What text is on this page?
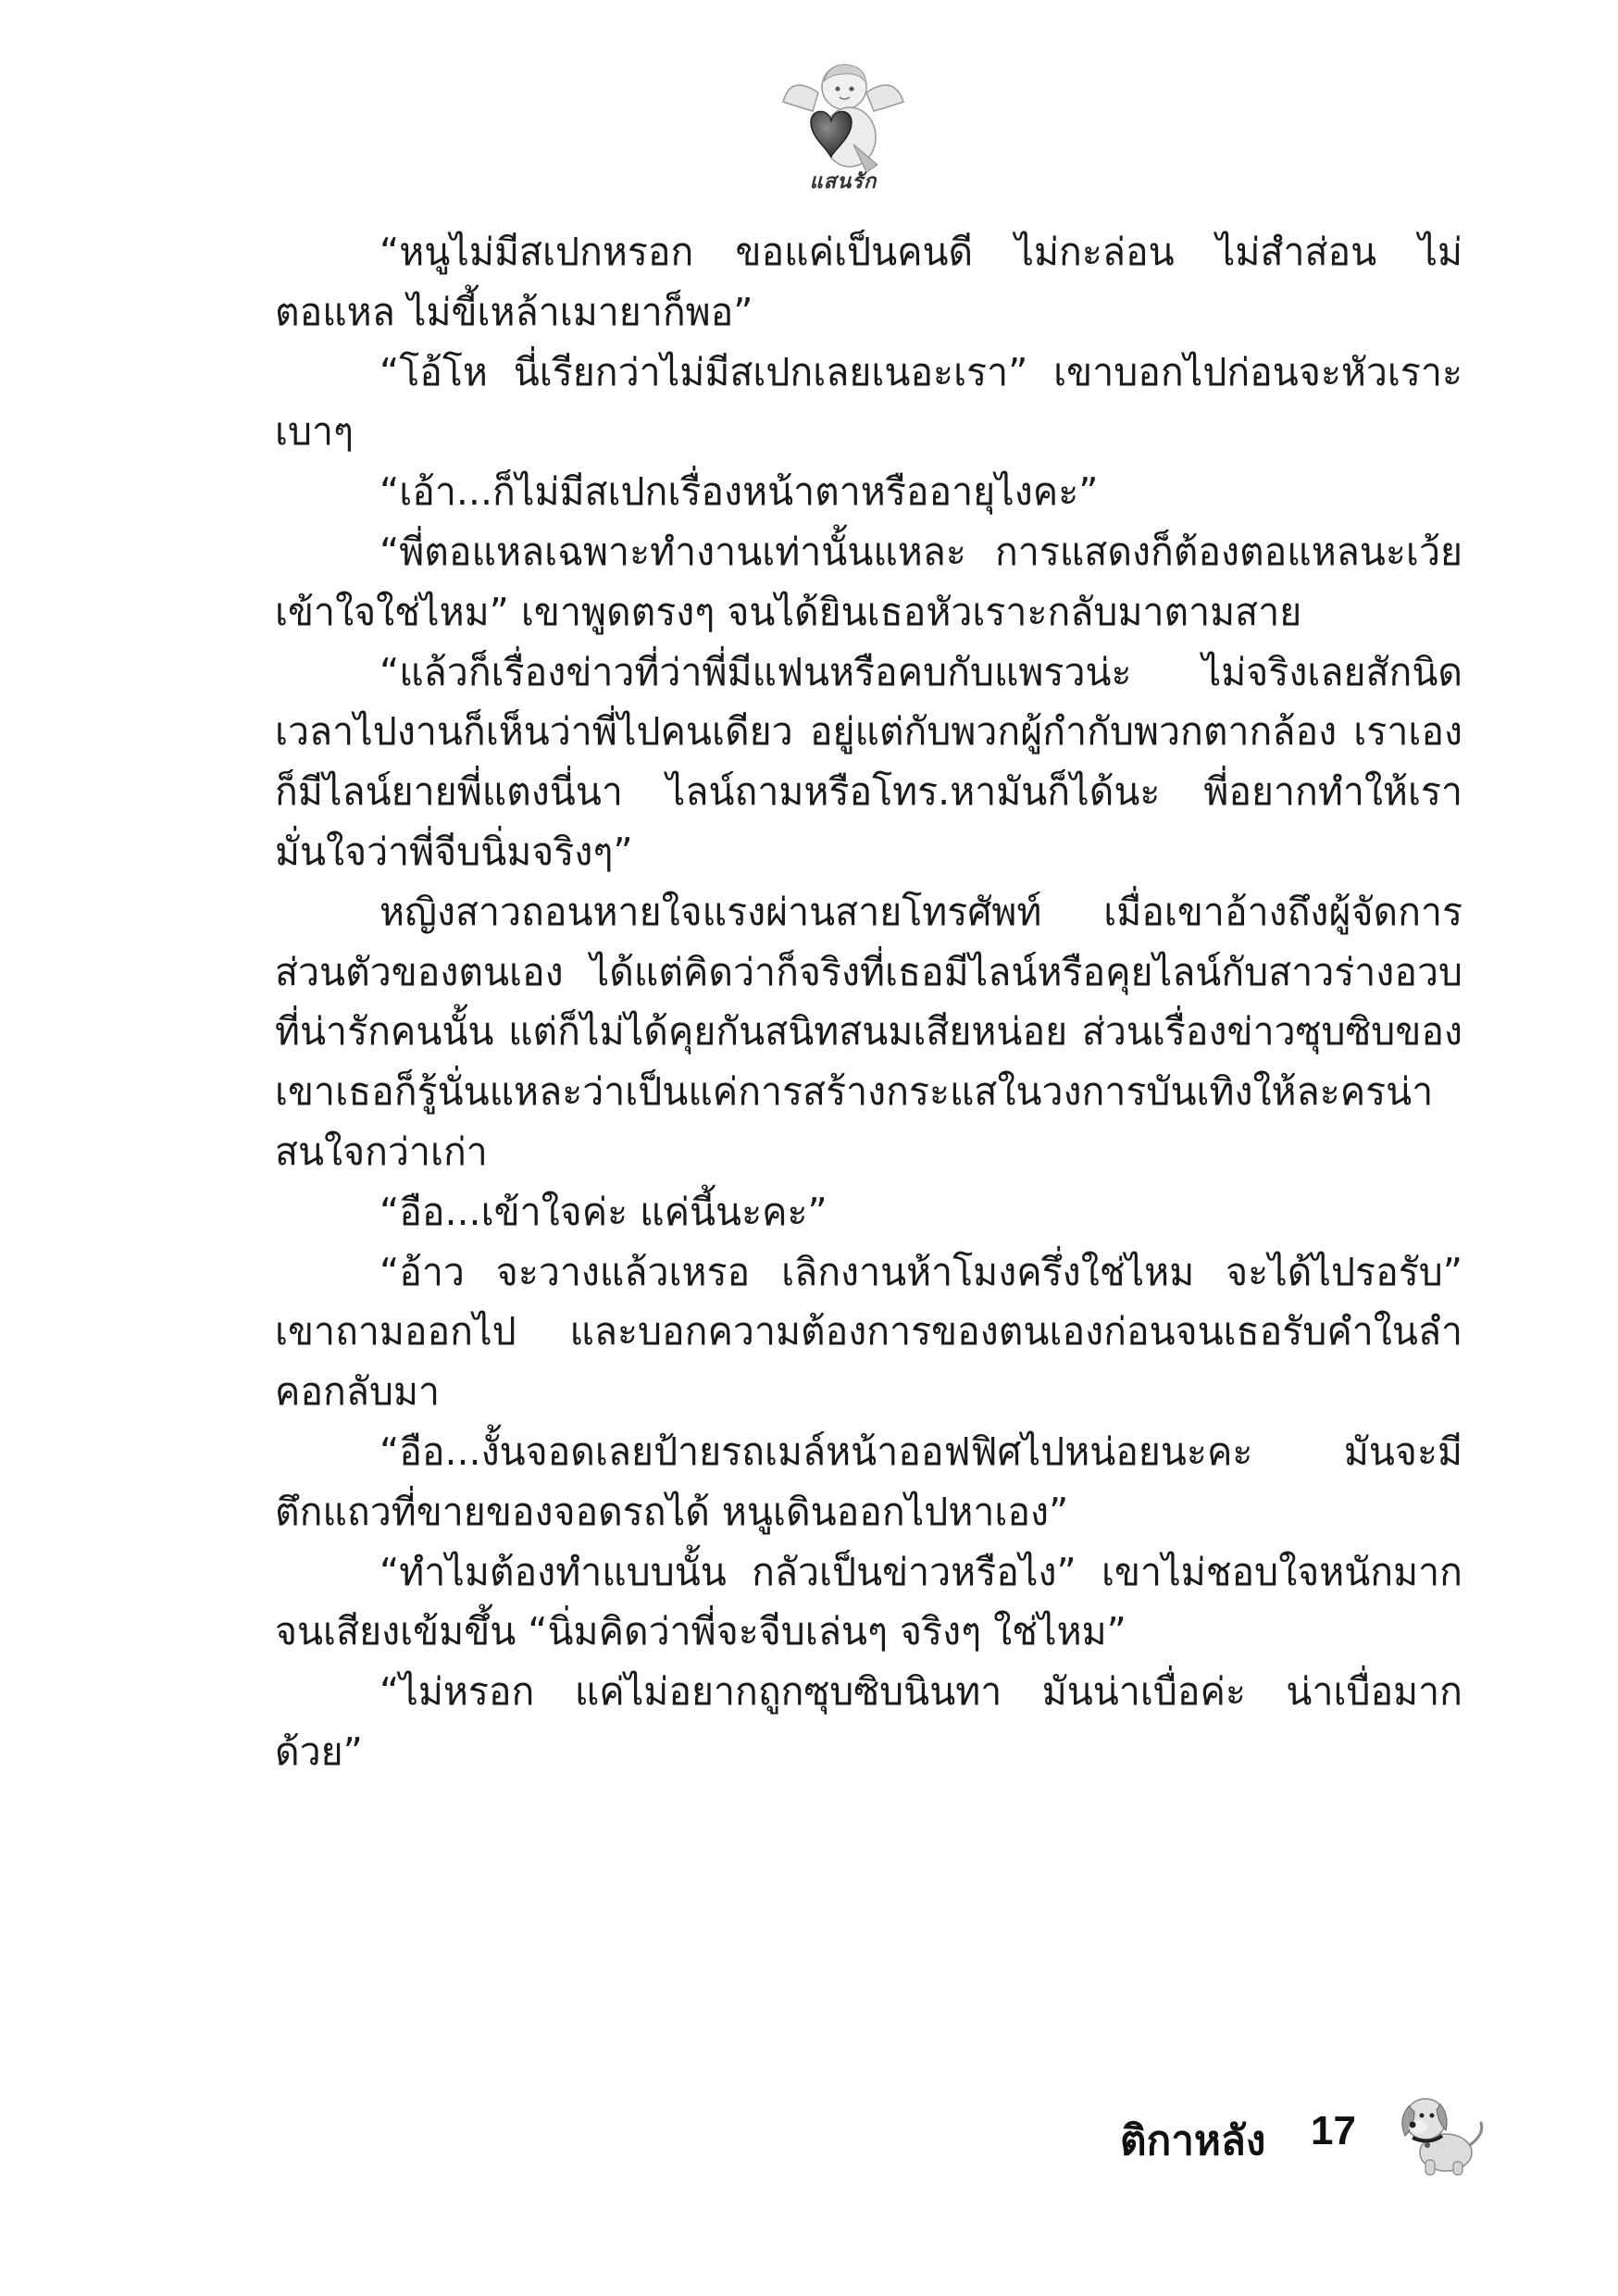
แสนรัก

“หนูไม่มีสเปกหรอก ขอแค่เป็นคนดี ไม่กะล่อน ไม่สำส่อน ไม่ตอแหล ไม่ขี้เหล้าเมายาก็พอ”

“โอ้โห นี่เรียกว่าไม่มีสเปกเลยเนอะเรา” เขาบอกไปก่อนจะหัวเราะเบาๆ

“เอ้า...ก็ไม่มีสเปกเรื่องหน้าตาหรืออายุไงคะ”

“พี่ตอแหลเฉพาะทำงานเท่านั้นแหละ การแสดงก็ต้องตอแหลนะเว้ย เข้าใจใช่ไหม” เขาพูดตรงๆ จนได้ยินเธอหัวเราะกลับมาตามสาย

“แล้วก็เรื่องข่าวที่ว่าพี่มีแฟนหรือคบกับแพรวน่ะ ไม่จริงเลยสักนิด เวลาไปงานก็เห็นว่าพี่ไปคนเดียว อยู่แต่กับพวกผู้กำกับพวกตากล้อง เราเองก็มีไลน์ยายพี่แตงนี่นา ไลน์ถามหรือโทร.หามันก็ได้นะ พี่อยากทำให้เรามั่นใจว่าพี่จีบนิ่มจริงๆ”

หญิงสาวถอนหายใจแรงผ่านสายโทรศัพท์ เมื่อเขาอ้างถึงผู้จัดการส่วนตัวของตนเอง ได้แต่คิดว่าก็จริงที่เธอมีไลน์หรือคุยไลน์กับสาวร่างอวบที่น่ารักคนนั้น แต่ก็ไม่ได้คุยกันสนิทสนมเสียหน่อย ส่วนเรื่องข่าวซุบซิบของเขาเธอก็รู้นั่นแหละว่าเป็นแค่การสร้างกระแสในวงการบันเทิงให้ละครน่าสนใจกว่าเก่า

“อือ...เข้าใจค่ะ แค่นี้นะคะ”

“อ้าว จะวางแล้วเหรอ เลิกงานห้าโมงครึ่งใช่ไหม จะได้ไปรอรับ” เขาถามออกไป และบอกความต้องการของตนเองก่อนจนเธอรับคำในลำคอกลับมา

“อือ...งั้นจอดเลยป้ายรถเมล์หน้าออฟฟิศไปหน่อยนะคะ มันจะมีตึกแถวที่ขายของจอดรถได้ หนูเดินออกไปหาเอง”

“ทำไมต้องทำแบบนั้น กลัวเป็นข่าวหรือไง” เขาไม่ชอบใจหนักมากจนเสียงเข้มขึ้น “นิ่มคิดว่าพี่จะจีบเล่นๆ จริงๆ ใช่ไหม”

“ไม่หรอก แค่ไม่อยากถูกซุบซิบนินทา มันน่าเบื่อค่ะ น่าเบื่อมากด้วย”

ติกาหลัง 17
